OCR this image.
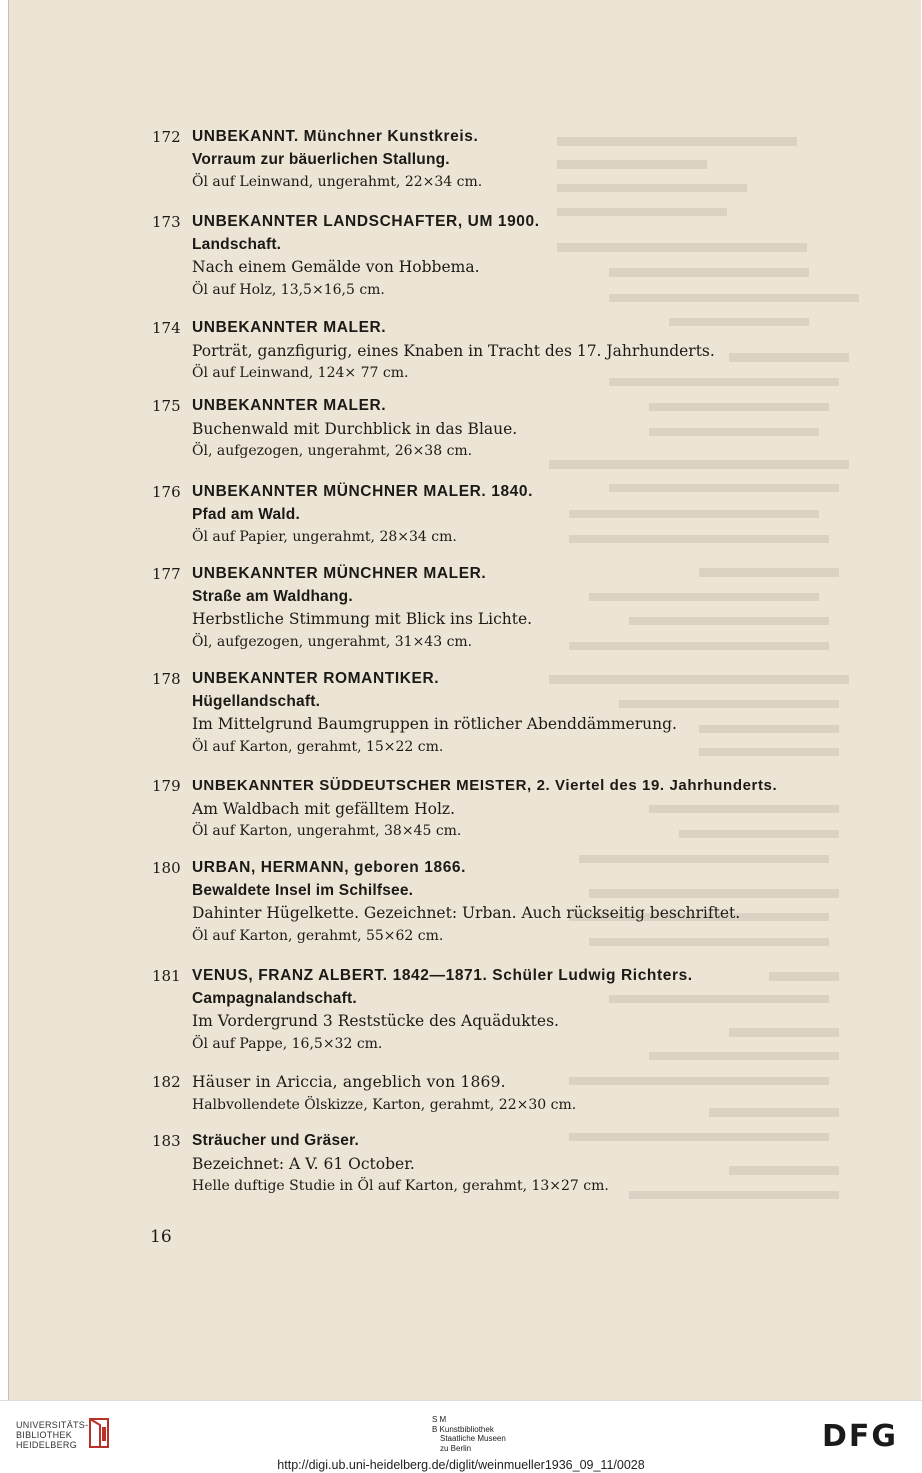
172 UNBEKANNT. Münchner Kunstkreis.
Vorraum zur bäuerlichen Stallung.
Öl auf Leinwand, ungerahmt, 22×34 cm.
173 UNBEKANNTER LANDSCHAFTER, UM 1900.
Landschaft.
Nach einem Gemälde von Hobbema.
Öl auf Holz, 13,5×16,5 cm.
174 UNBEKANNTER MALER.
Porträt, ganzfigurig, eines Knaben in Tracht des 17. Jahrhunderts.
Öl auf Leinwand, 124× 77 cm.
175 UNBEKANNTER MALER.
Buchenwald mit Durchblick in das Blaue.
Öl, aufgezogen, ungerahmt, 26×38 cm.
176 UNBEKANNTER MÜNCHNER MALER. 1840.
Pfad am Wald.
Öl auf Papier, ungerahmt, 28×34 cm.
177 UNBEKANNTER MÜNCHNER MALER.
Straße am Waldhang.
Herbstliche Stimmung mit Blick ins Lichte.
Öl, aufgezogen, ungerahmt, 31×43 cm.
178 UNBEKANNTER ROMANTIKER.
Hügellandschaft.
Im Mittelgrund Baumgruppen in rötlicher Abenddämmerung.
Öl auf Karton, gerahmt, 15×22 cm.
179 UNBEKANNTER SÜDDEUTSCHER MEISTER, 2. Viertel des 19. Jahrhunderts.
Am Waldbach mit gefälltem Holz.
Öl auf Karton, ungerahmt, 38×45 cm.
180 URBAN, HERMANN, geboren 1866.
Bewaldete Insel im Schilfsee.
Dahinter Hügelkette. Gezeichnet: Urban. Auch rückseitig beschriftet.
Öl auf Karton, gerahmt, 55×62 cm.
181 VENUS, FRANZ ALBERT. 1842—1871. Schüler Ludwig Richters.
Campagnalandschaft.
Im Vordergrund 3 Reststücke des Aquäduktes.
Öl auf Pappe, 16,5×32 cm.
182 Häuser in Ariccia, angeblich von 1869.
Halbvollendete Ölskizze, Karton, gerahmt, 22×30 cm.
183 Sträucher und Gräser.
Bezeichnet: A V. 61 October.
Helle duftige Studie in Öl auf Karton, gerahmt, 13×27 cm.
16
UNIVERSITÄTS-
BIBLIOTHEK
HEIDELBERG
S M
B Kunstbibliothek
Staatliche Museen
zu Berlin	DFG
http://digi.ub.uni-heidelberg.de/diglit/weinmueller1936_09_11/0028
